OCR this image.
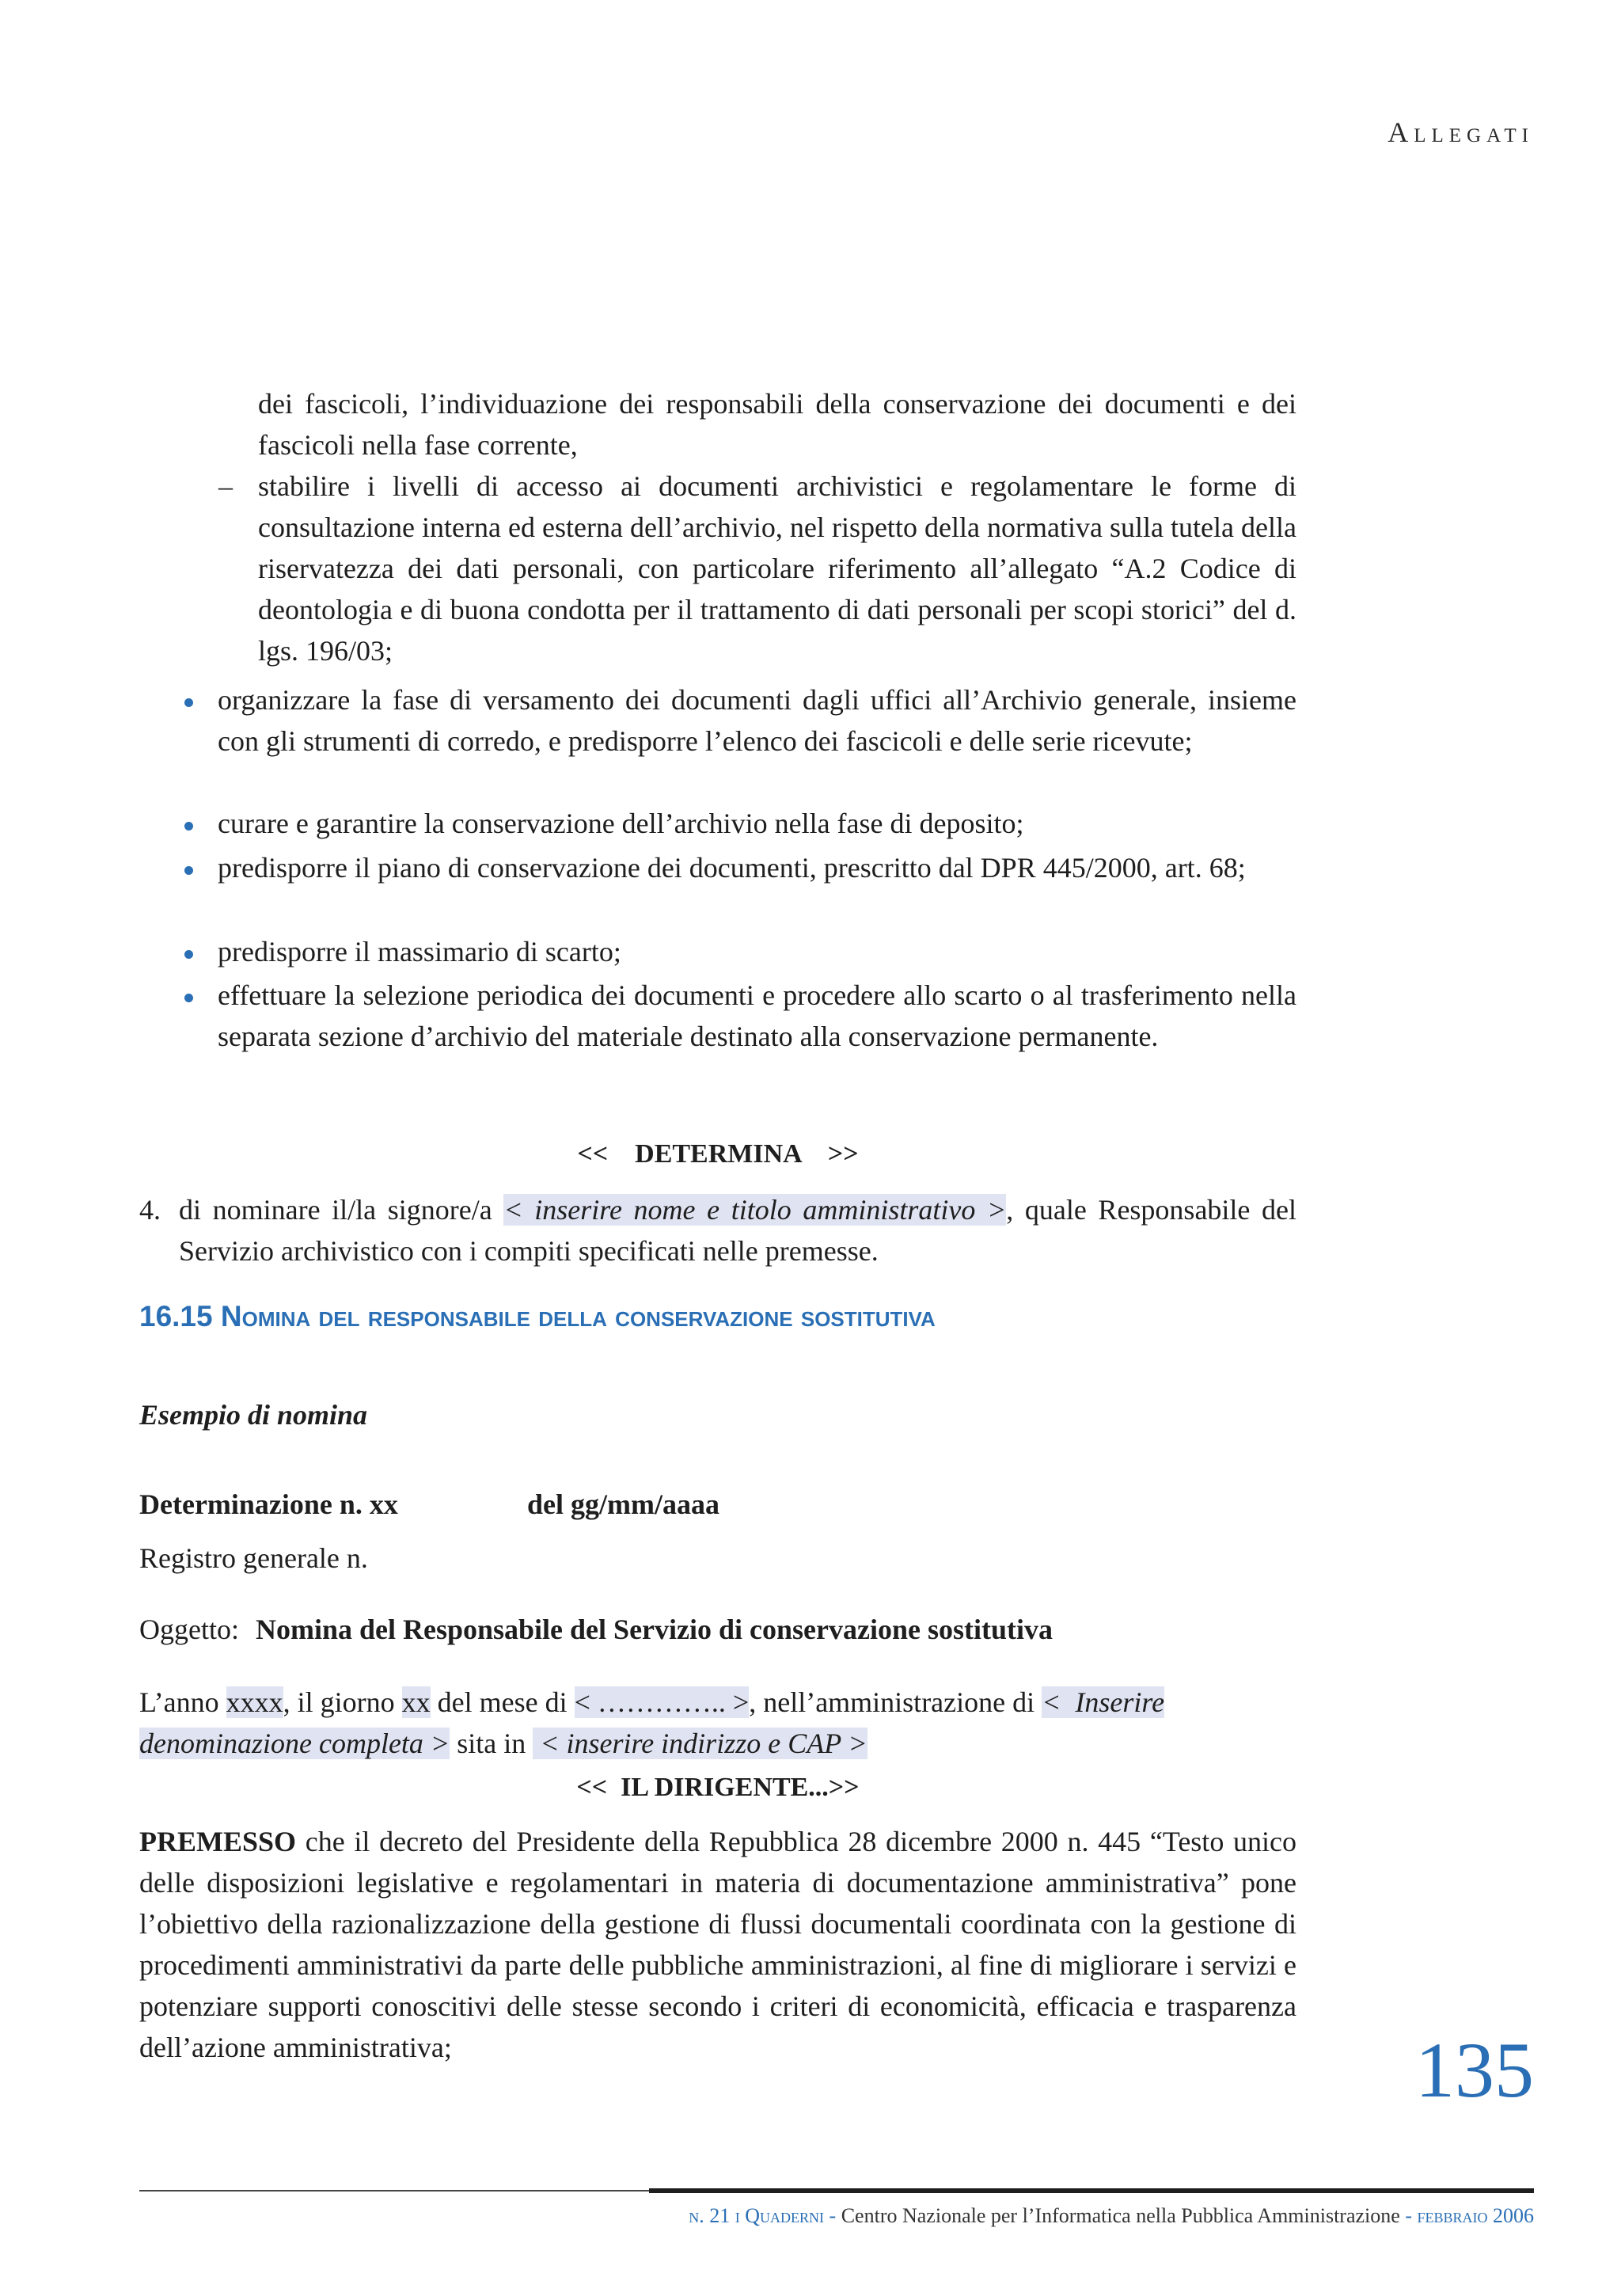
Allegati
dei fascicoli, l’individuazione dei responsabili della conservazione dei documenti e dei fascicoli nella fase corrente,
– stabilire i livelli di accesso ai documenti archivistici e regolamentare le forme di consultazione interna ed esterna dell’archivio, nel rispetto della normativa sulla tutela della riservatezza dei dati personali, con particolare riferimento all’allegato “A.2 Codice di deontologia e di buona condotta per il trattamento di dati personali per scopi storici” del d. lgs. 196/03;
organizzare la fase di versamento dei documenti dagli uffici all’Archivio generale, insieme con gli strumenti di corredo, e predisporre l’elenco dei fascicoli e delle serie ricevute;
curare e garantire la conservazione dell’archivio nella fase di deposito;
predisporre il piano di conservazione dei documenti, prescritto dal DPR 445/2000, art. 68;
predisporre il massimario di scarto;
effettuare la selezione periodica dei documenti e procedere allo scarto o al trasferimento nella separata sezione d’archivio del materiale destinato alla conservazione permanente.
<<    DETERMINA    >>
4. di nominare il/la signore/a < inserire nome e titolo amministrativo >, quale Responsabile del Servizio archivistico con i compiti specificati nelle premesse.
16.15 Nomina del responsabile della conservazione sostitutiva
Esempio di nomina
Determinazione n. xx	del gg/mm/aaaa
Registro generale n.
Oggetto: Nomina del Responsabile del Servizio di conservazione sostitutiva
L’anno xxxx, il giorno xx del mese di < ………….. >, nell’amministrazione di <  Inserire
denominazione completa > sita in  < inserire indirizzo e CAP >
<<  IL DIRIGENTE...>>
PREMESSO che il decreto del Presidente della Repubblica 28 dicembre 2000 n. 445 “Testo unico delle disposizioni legislative e regolamentari in materia di documentazione amministrativa” pone l’obiettivo della razionalizzazione della gestione di flussi documentali coordinata con la gestione di procedimenti amministrativi da parte delle pubbliche amministrazioni, al fine di migliorare i servizi e potenziare supporti conoscitivi delle stesse secondo i criteri di economicità, efficacia e trasparenza dell’azione amministrativa;	135
n. 21 i Quaderni - Centro Nazionale per l’Informatica nella Pubblica Amministrazione - febbraio 2006
